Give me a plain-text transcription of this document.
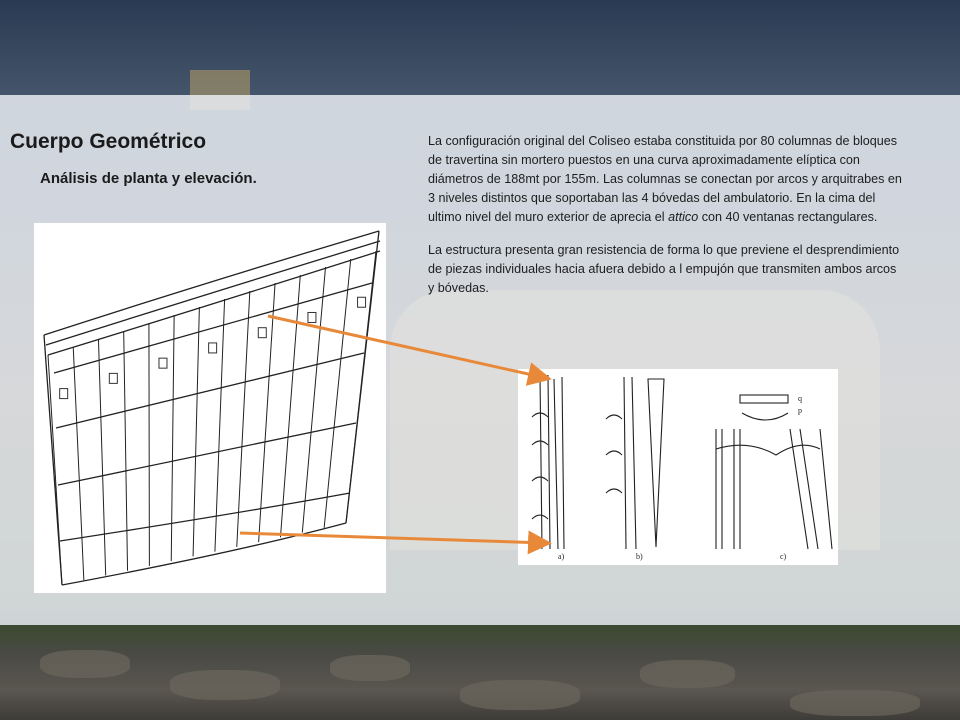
Cuerpo Geométrico
Análisis de planta y elevación.

La configuración original del Coliseo estaba constituida por 80 columnas de bloques de travertina sin mortero puestos en una curva aproximadamente elíptica con diámetros de 188mt por 155m. Las columnas se conectan por arcos y arquitrabes en 3 niveles distintos que soportaban las 4 bóvedas del ambulatorio. En la cima del ultimo nivel del muro exterior de aprecia el attico con 40 ventanas rectangulares.

La estructura presenta gran resistencia de forma lo que previene el desprendimiento de piezas individuales hacia afuera debido a l empujón que transmiten ambos arcos y bóvedas.

a)	b)	c)
q
p
